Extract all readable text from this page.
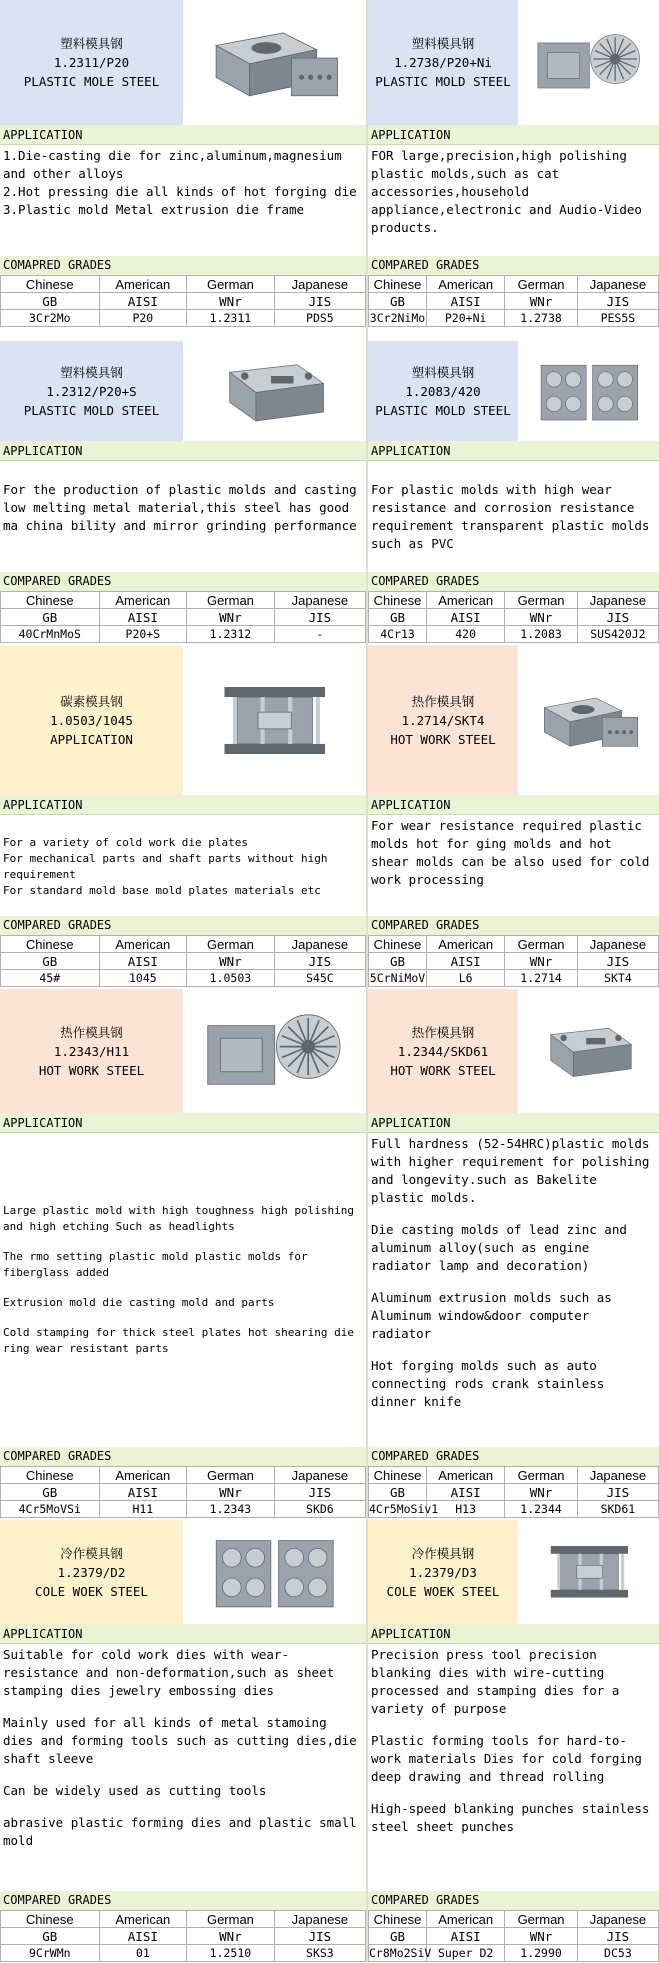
塑料模具钢
1.2311/P20
PLASTIC MOLE STEEL
APPLICATION

1.Die-casting die for zinc,aluminum,magnesium and other alloys

2.Hot pressing die all kinds of hot forging die

3.Plastic mold Metal extrusion die frame

COMAPRED GRADES
Chinese	American	German	Japanese
GB	AISI	WNr	JIS
3Cr2Mo	P20	1.2311	PDS5
塑料模具钢
1.2738/P20+Ni
PLASTIC MOLD STEEL
APPLICATION

FOR large,precision,high polishing plastic molds,such as cat accessories,household appliance,electronic and Audio-Video products.

COMPARED GRADES
Chinese	American	German	Japanese
GB	AISI	WNr	JIS
3Cr2NiMo	P20+Ni	1.2738	PES5S
塑料模具钢
1.2312/P20+S
PLASTIC MOLD STEEL
APPLICATION

For the production of plastic molds and casting low melting metal material,this steel has good ma china bility and mirror grinding performance

COMPARED GRADES
Chinese	American	German	Japanese
GB	AISI	WNr	JIS
40CrMnMoS	P20+S	1.2312	-
塑料模具钢
1.2083/420
PLASTIC MOLD STEEL
APPLICATION

For plastic molds with high wear resistance and corrosion resistance requirement transparent plastic molds such as PVC

COMPARED GRADES
Chinese	American	German	Japanese
GB	AISI	WNr	JIS
4Cr13	420	1.2083	SUS420J2
碳素模具钢
1.0503/1045
APPLICATION
APPLICATION

For a variety of cold work die plates

For mechanical parts and shaft parts without high requirement

For standard mold base mold plates materials etc

COMPARED GRADES
Chinese	American	German	Japanese
GB	AISI	WNr	JIS
45#	1045	1.0503	S45C
热作模具钢
1.2714/SKT4
HOT WORK STEEL
APPLICATION

For wear resistance required plastic molds hot for ging molds and hot shear molds can be also used for cold work processing

COMPARED GRADES
Chinese	American	German	Japanese
GB	AISI	WNr	JIS
5CrNiMoV	L6	1.2714	SKT4
热作模具钢
1.2343/H11
HOT WORK STEEL
APPLICATION

Large plastic mold with high toughness high polishing and high etching Such as headlights

The rmo setting plastic mold plastic molds for fiberglass added

Extrusion mold die casting mold and parts

Cold stamping for thick steel plates hot shearing die ring wear resistant parts

COMPARED GRADES
Chinese	American	German	Japanese
GB	AISI	WNr	JIS
4Cr5MoVSi	H11	1.2343	SKD6
热作模具钢
1.2344/SKD61
HOT WORK STEEL
APPLICATION

Full hardness (52-54HRC)plastic molds with higher requirement for polishing and longevity.such as Bakelite plastic molds.

Die casting molds of lead zinc and aluminum alloy(such as engine radiator lamp and decoration)

Aluminum extrusion molds such as Aluminum window&door computer radiator

Hot forging molds such as auto connecting rods crank stainless dinner knife

COMPARED GRADES
Chinese	American	German	Japanese
GB	AISI	WNr	JIS
4Cr5MoSiv1	H13	1.2344	SKD61
冷作模具钢
1.2379/D2
COLE WOEK STEEL
APPLICATION

Suitable for cold work dies with wear-resistance and non-deformation,such as sheet stamping dies jewelry embossing dies

Mainly used for all kinds of metal stamoing dies and forming tools such as cutting dies,die shaft sleeve

Can be widely used as cutting tools

abrasive plastic forming dies and plastic small mold

COMPARED GRADES
Chinese	American	German	Japanese
GB	AISI	WNr	JIS
9CrWMn	01	1.2510	SKS3
冷作模具钢
1.2379/D3
COLE WOEK STEEL
APPLICATION

Precision press tool precision blanking dies with wire-cutting processed and stamping dies for a variety of purpose

Plastic forming tools for hard-to-work materials Dies for cold forging deep drawing and thread rolling

High-speed blanking punches stainless steel sheet punches

COMPARED GRADES
Chinese	American	German	Japanese
GB	AISI	WNr	JIS
Cr8Mo2SiV	Super D2	1.2990	DC53
